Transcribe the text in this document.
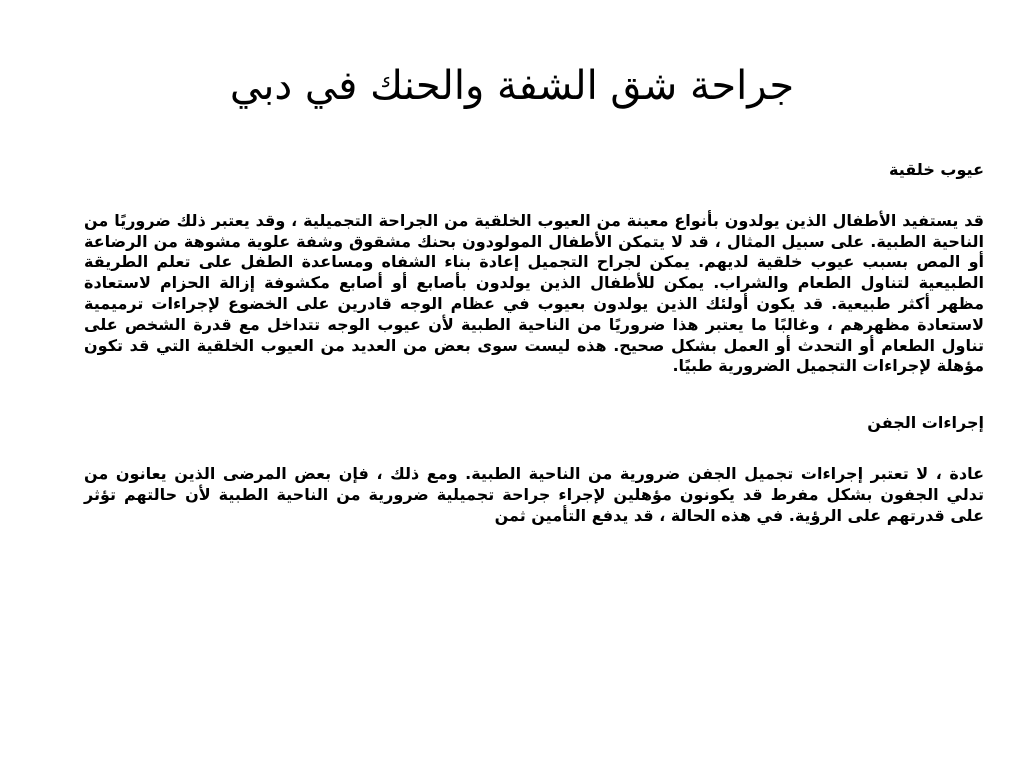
جراحة شق الشفة والحنك في دبي
عيوب خلقية
قد يستفيد الأطفال الذين يولدون بأنواع معينة من العيوب الخلقية من الجراحة التجميلية ، وقد يعتبر ذلك ضروريًا من الناحية الطبية. على سبيل المثال ، قد لا يتمكن الأطفال المولودون بحنك مشقوق وشفة علوية مشوهة من الرضاعة أو المص بسبب عيوب خلقية لديهم. يمكن لجراح التجميل إعادة بناء الشفاه ومساعدة الطفل على تعلم الطريقة الطبيعية لتناول الطعام والشراب. يمكن للأطفال الذين يولدون بأصابع أو أصابع مكشوفة إزالة الحزام لاستعادة مظهر أكثر طبيعية. قد يكون أولئك الذين يولدون بعيوب في عظام الوجه قادرين على الخضوع لإجراءات ترميمية لاستعادة مظهرهم ، وغالبًا ما يعتبر هذا ضروريًا من الناحية الطبية لأن عيوب الوجه تتداخل مع قدرة الشخص على تناول الطعام أو التحدث أو العمل بشكل صحيح. هذه ليست سوى بعض من العديد من العيوب الخلقية التي قد تكون مؤهلة لإجراءات التجميل الضرورية طبيًا.
إجراءات الجفن
عادة ، لا تعتبر إجراءات تجميل الجفن ضرورية من الناحية الطبية. ومع ذلك ، فإن بعض المرضى الذين يعانون من تدلي الجفون بشكل مفرط قد يكونون مؤهلين لإجراء جراحة تجميلية ضرورية من الناحية الطبية لأن حالتهم تؤثر على قدرتهم على الرؤية. في هذه الحالة ، قد يدفع التأمين ثمن
